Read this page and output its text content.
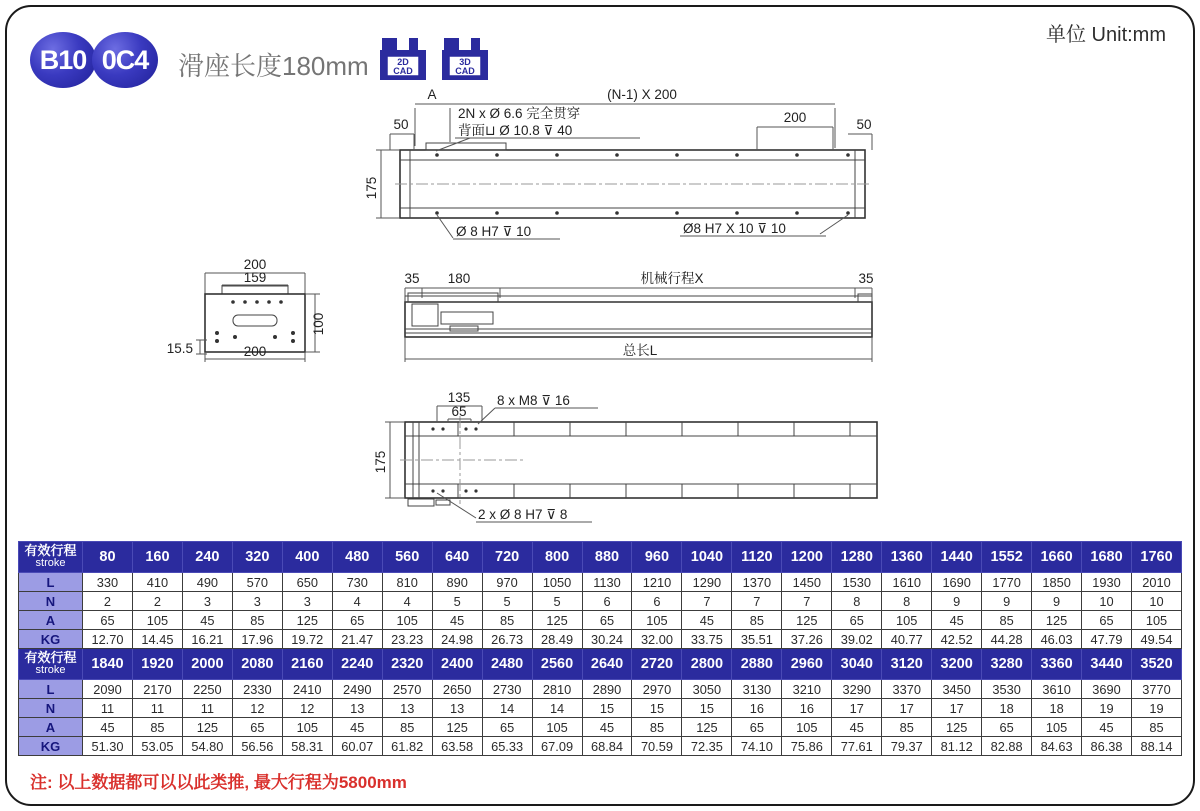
B10 0C4	滑座长度180mm	2D
CAD
3D
CAD
单位 Unit:mm
A	(N-1) X 200
50	200	50
2N x Ø 6.6 完全贯穿
背面⊔ Ø 10.8 ⊽ 40
175
Ø 8 H7 ⊽ 10	Ø8 H7 X 10 ⊽ 10
200
159
100
15.5	200
35 180	机械行程X	35
总长L
135
65
8 x M8 ⊽ 16
175
2 x Ø 8 H7 ⊽ 8
有效行程
stroke	80	160	240	320	400	480	560	640	720	800	880	960	1040	1120	1200	1280	1360	1440	1552	1660	1680	1760
L	330	410	490	570	650	730	810	890	970	1050	1130	1210	1290	1370	1450	1530	1610	1690	1770	1850	1930	2010
N	2	2	3	3	3	4	4	5	5	5	6	6	7	7	7	8	8	9	9	9	10	10
A	65	105	45	85	125	65	105	45	85	125	65	105	45	85	125	65	105	45	85	125	65	105
KG	12.70	14.45	16.21	17.96	19.72	21.47	23.23	24.98	26.73	28.49	30.24	32.00	33.75	35.51	37.26	39.02	40.77	42.52	44.28	46.03	47.79	49.54

有效行程
stroke	1840	1920	2000	2080	2160	2240	2320	2400	2480	2560	2640	2720	2800	2880	2960	3040	3120	3200	3280	3360	3440	3520
L	2090	2170	2250	2330	2410	2490	2570	2650	2730	2810	2890	2970	3050	3130	3210	3290	3370	3450	3530	3610	3690	3770
N	11	11	11	12	12	13	13	13	14	14	15	15	15	16	16	17	17	17	18	18	19	19
A	45	85	125	65	105	45	85	125	65	105	45	85	125	65	105	45	85	125	65	105	45	85
KG	51.30	53.05	54.80	56.56	58.31	60.07	61.82	63.58	65.33	67.09	68.84	70.59	72.35	74.10	75.86	77.61	79.37	81.12	82.88	84.63	86.38	88.14
注: 以上数据都可以以此类推, 最大行程为5800mm
